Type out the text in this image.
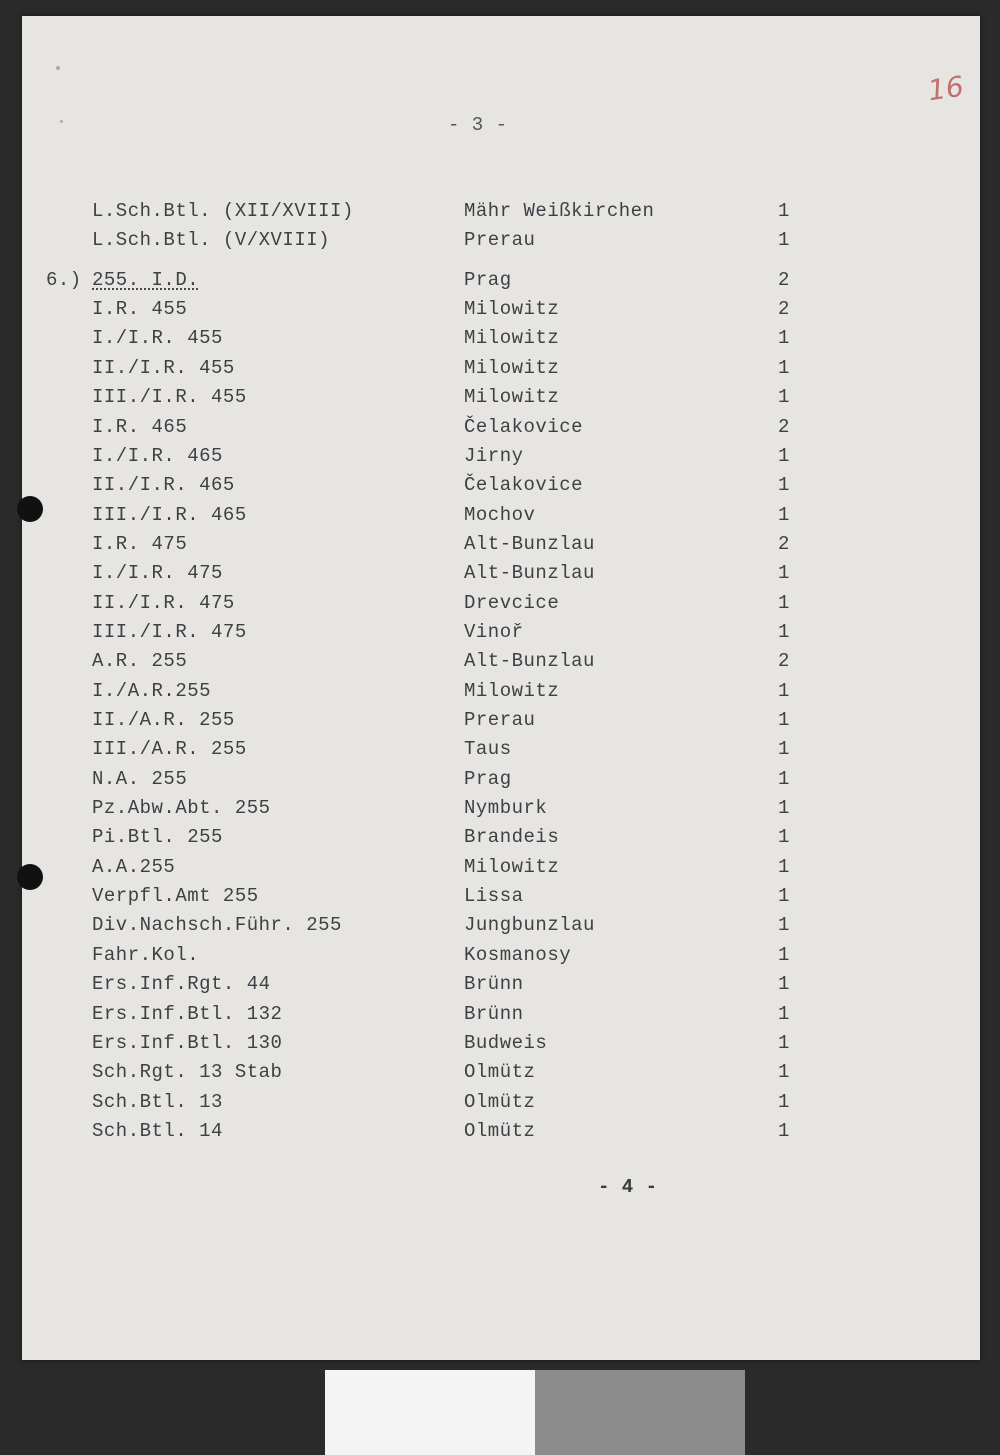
- 3 -
16
L.Sch.Btl. (XII/XVIII)	Mähr Weißkirchen	1
L.Sch.Btl. (V/XVIII)	Prerau	1
6.) 255. I.D.	Prag	2
I.R. 455	Milowitz	2
I./I.R. 455	Milowitz	1
II./I.R. 455	Milowitz	1
III./I.R. 455	Milowitz	1
I.R. 465	Čelakovice	2
I./I.R. 465	Jirny	1
II./I.R. 465	Čelakovice	1
III./I.R. 465	Mochov	1
I.R. 475	Alt-Bunzlau	2
I./I.R. 475	Alt-Bunzlau	1
II./I.R. 475	Drevcice	1
III./I.R. 475	Vinoř	1
A.R. 255	Alt-Bunzlau	2
I./A.R.255	Milowitz	1
II./A.R. 255	Prerau	1
III./A.R. 255	Taus	1
N.A. 255	Prag	1
Pz.Abw.Abt. 255	Nymburk	1
Pi.Btl. 255	Brandeis	1
A.A.255	Milowitz	1
Verpfl.Amt 255	Lissa	1
Div.Nachsch.Führ. 255	Jungbunzlau	1
Fahr.Kol.	Kosmanosy	1
Ers.Inf.Rgt. 44	Brünn	1
Ers.Inf.Btl. 132	Brünn	1
Ers.Inf.Btl. 130	Budweis	1
Sch.Rgt. 13 Stab	Olmütz	1
Sch.Btl. 13	Olmütz	1
Sch.Btl. 14	Olmütz	1
- 4 -
